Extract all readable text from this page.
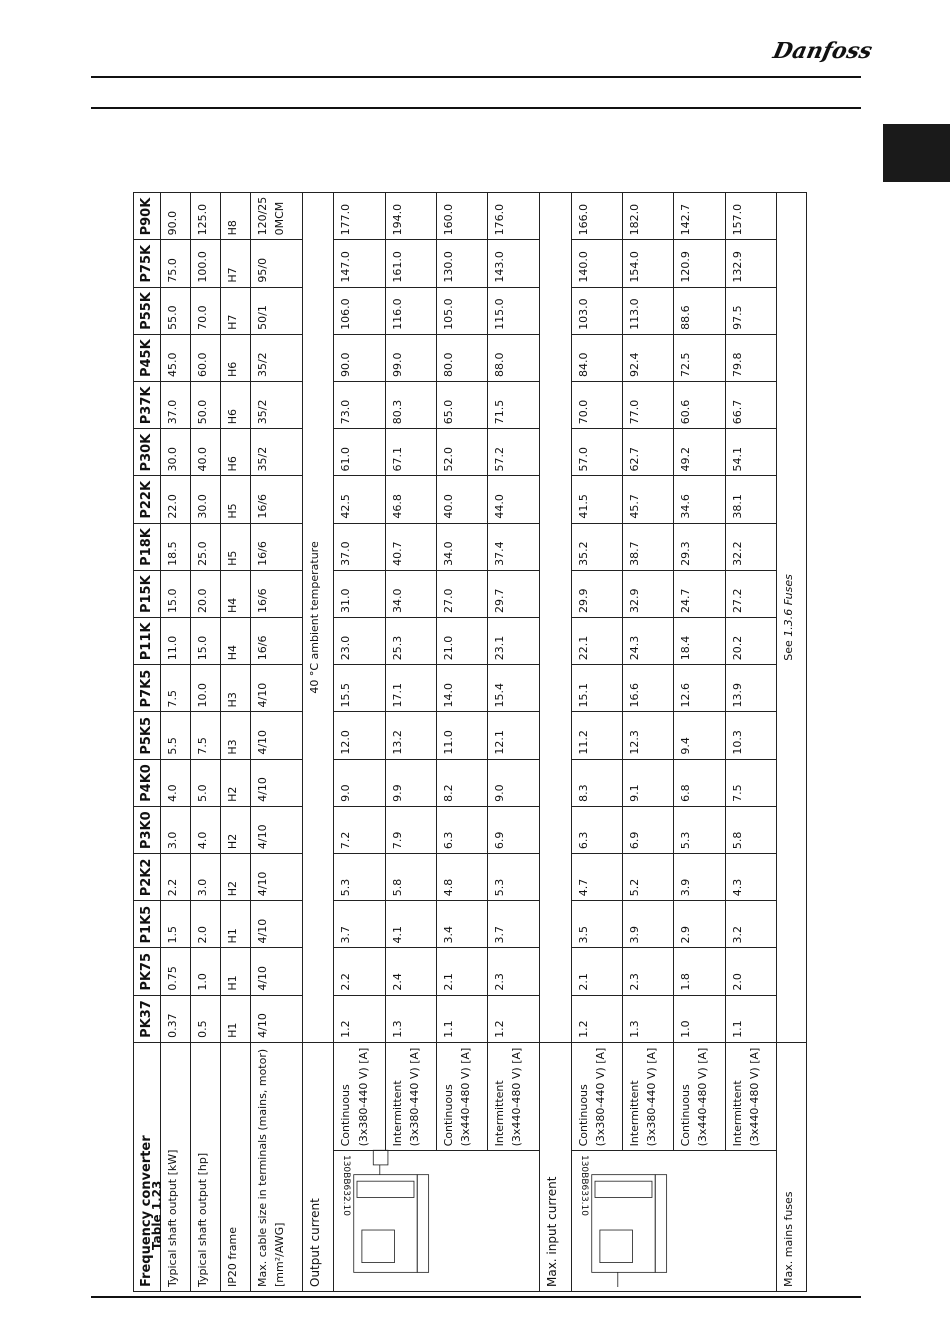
Danfoss
Frequency converter		PK37	PK75	P1K5	P2K2	P3K0	P4K0	P5K5	P7K5	P11K	P15K	P18K	P22K	P30K	P37K	P45K	P55K	P75K	P90K
Typical shaft output [kW]		0.37	0.75	1.5	2.2	3.0	4.0	5.5	7.5	11.0	15.0	18.5	22.0	30.0	37.0	45.0	55.0	75.0	90.0
Typical shaft output [hp]		0.5	1.0	2.0	3.0	4.0	5.0	7.5	10.0	15.0	20.0	25.0	30.0	40.0	50.0	60.0	70.0	100.0	125.0
IP20 frame		H1	H1	H1	H2	H2	H2	H3	H3	H4	H4	H5	H5	H6	H6	H6	H7	H7	H8
Max. cable size in terminals (mains, motor) [mm²/AWG]		4/10	4/10	4/10	4/10	4/10	4/10	4/10	4/10	16/6	16/6	16/6	16/6	35/2	35/2	35/2	50/1	95/0	120/25 0MCM
Output current		40 °C ambient temperature																	

130BB632.10	Continuous (3x380-440 V) [A]	1.2	2.2	3.7	5.3	7.2	9.0	12.0	15.5	23.0	31.0	37.0	42.5	61.0	73.0	90.0	106.0	147.0	177.0
	Intermittent (3x380-440 V) [A]	1.3	2.4	4.1	5.8	7.9	9.9	13.2	17.1	25.3	34.0	40.7	46.8	67.1	80.3	99.0	116.0	161.0	194.0
	Continuous (3x440-480 V) [A]	1.1	2.1	3.4	4.8	6.3	8.2	11.0	14.0	21.0	27.0	34.0	40.0	52.0	65.0	80.0	105.0	130.0	160.0
	Intermittent (3x440-480 V) [A]	1.2	2.3	3.7	5.3	6.9	9.0	12.1	15.4	23.1	29.7	37.4	44.0	57.2	71.5	88.0	115.0	143.0	176.0
Max. input current																			

130BB633.10	Continuous (3x380-440 V) [A]	1.2	2.1	3.5	4.7	6.3	8.3	11.2	15.1	22.1	29.9	35.2	41.5	57.0	70.0	84.0	103.0	140.0	166.0
	Intermittent (3x380-440 V) [A]	1.3	2.3	3.9	5.2	6.9	9.1	12.3	16.6	24.3	32.9	38.7	45.7	62.7	77.0	92.4	113.0	154.0	182.0
	Continuous (3x440-480 V) [A]	1.0	1.8	2.9	3.9	5.3	6.8	9.4	12.6	18.4	24.7	29.3	34.6	49.2	60.6	72.5	88.6	120.9	142.7
	Intermittent (3x440-480 V) [A]	1.1	2.0	3.2	4.3	5.8	7.5	10.3	13.9	20.2	27.2	32.2	38.1	54.1	66.7	79.8	97.5	132.9	157.0
Max. mains fuses		See 1.3.6 Fuses																	
Table 1.23
